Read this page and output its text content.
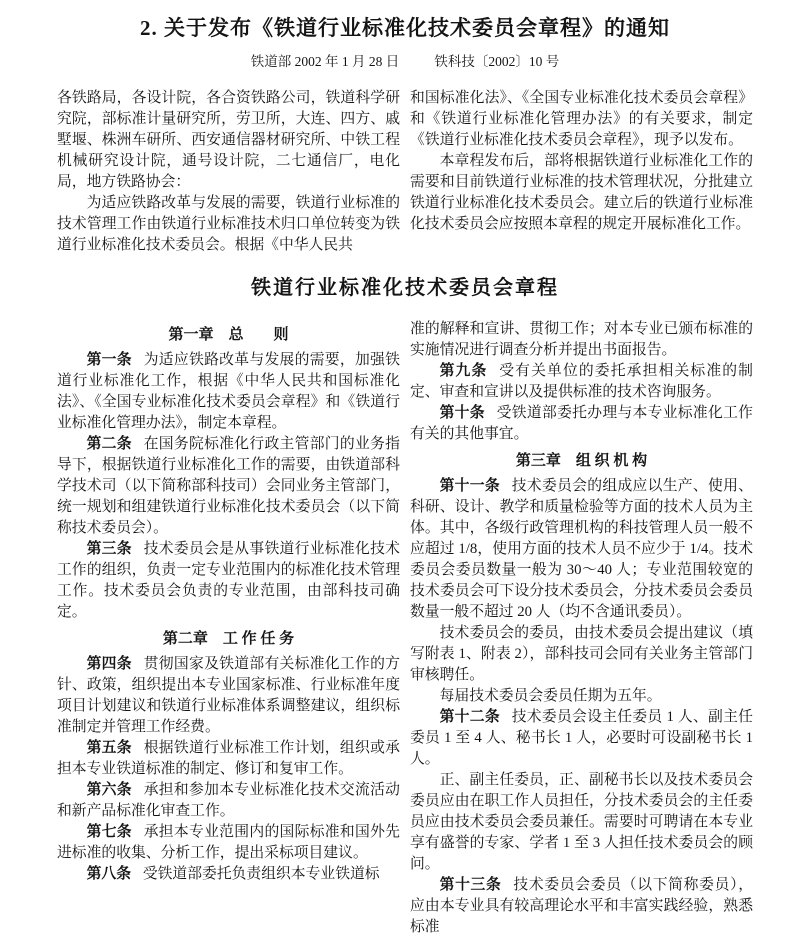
2. 关于发布《铁道行业标准化技术委员会章程》的通知
铁道部 2002 年 1 月 28 日	铁科技〔2002〕10 号
各铁路局，各设计院，各合资铁路公司，铁道科学研究院，部标准计量研究所，劳卫所，大连、四方、戚墅堰、株洲车研所、西安通信器材研究所、中铁工程机械研究设计院，通号设计院，二七通信厂，电化局，地方铁路协会：
为适应铁路改革与发展的需要，铁道行业标准的技术管理工作由铁道行业标准技术归口单位转变为铁道行业标准化技术委员会。根据《中华人民共
和国标准化法》、《全国专业标准化技术委员会章程》和《铁道行业标准化管理办法》的有关要求，制定《铁道行业标准化技术委员会章程》，现予以发布。
本章程发布后，部将根据铁道行业标准化工作的需要和目前铁道行业标准的技术管理状况，分批建立铁道行业标准化技术委员会。建立后的铁道行业标准化技术委员会应按照本章程的规定开展标准化工作。
铁道行业标准化技术委员会章程
第一章　总　　则
第一条 为适应铁路改革与发展的需要，加强铁道行业标准化工作，根据《中华人民共和国标准化法》、《全国专业标准化技术委员会章程》和《铁道行业标准化管理办法》，制定本章程。
第二条 在国务院标准化行政主管部门的业务指导下，根据铁道行业标准化工作的需要，由铁道部科学技术司（以下简称部科技司）会同业务主管部门，统一规划和组建铁道行业标准化技术委员会（以下简称技术委员会）。
第三条 技术委员会是从事铁道行业标准化技术工作的组织，负责一定专业范围内的标准化技术管理工作。技术委员会负责的专业范围，由部科技司确定。
第二章　工 作 任 务
第四条 贯彻国家及铁道部有关标准化工作的方针、政策，组织提出本专业国家标准、行业标准年度项目计划建议和铁道行业标准体系调整建议，组织标准制定并管理工作经费。
第五条 根据铁道行业标准工作计划，组织或承担本专业铁道标准的制定、修订和复审工作。
第六条 承担和参加本专业标准化技术交流活动和新产品标准化审查工作。
第七条 承担本专业范围内的国际标准和国外先进标准的收集、分析工作，提出采标项目建议。
第八条 受铁道部委托负责组织本专业铁道标
准的解释和宣讲、贯彻工作；对本专业已颁布标准的实施情况进行调查分析并提出书面报告。
第九条 受有关单位的委托承担相关标准的制定、审查和宣讲以及提供标准的技术咨询服务。
第十条 受铁道部委托办理与本专业标准化工作有关的其他事宜。
第三章　组 织 机 构
第十一条 技术委员会的组成应以生产、使用、科研、设计、教学和质量检验等方面的技术人员为主体。其中，各级行政管理机构的科技管理人员一般不应超过 1/8，使用方面的技术人员不应少于 1/4。技术委员会委员数量一般为 30～40 人；专业范围较宽的技术委员会可下设分技术委员会，分技术委员会委员数量一般不超过 20 人（均不含通讯委员）。
技术委员会的委员，由技术委员会提出建议（填写附表 1、附表 2），部科技司会同有关业务主管部门审核聘任。
每届技术委员会委员任期为五年。
第十二条 技术委员会设主任委员 1 人、副主任委员 1 至 4 人、秘书长 1 人，必要时可设副秘书长 1 人。
正、副主任委员，正、副秘书长以及技术委员会委员应由在职工作人员担任，分技术委员会的主任委员应由技术委员会委员兼任。需要时可聘请在本专业享有盛誉的专家、学者 1 至 3 人担任技术委员会的顾问。
第十三条 技术委员会委员（以下简称委员），应由本专业具有较高理论水平和丰富实践经验，熟悉标准
